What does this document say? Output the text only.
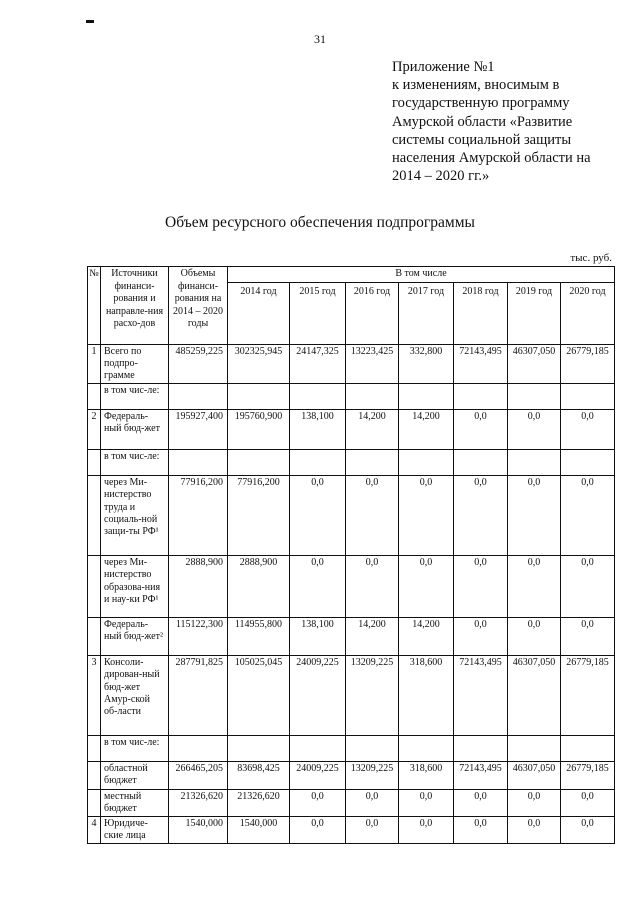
31
Приложение №1
к изменениям, вносимым в
государственную программу
Амурской области «Развитие
системы социальной защиты
населения Амурской области на
2014 – 2020 гг.»
Объем ресурсного обеспечения подпрограммы
тыс. руб.
№	Источники финанси-рования и направле-ния расхо-дов	Объемы финанси-рования на 2014 – 2020 годы	В том числе						
			2014 год	2015 год	2016 год	2017 год	2018 год	2019 год	2020 год
1	Всего по подпро-грамме	485259,225	302325,945	24147,325	13223,425	332,800	72143,495	46307,050	26779,185
	в том чис-ле:								
2	Федераль-ный бюд-жет	195927,400	195760,900	138,100	14,200	14,200	0,0	0,0	0,0
	в том чис-ле:								
	через Ми-нистерство труда и социаль-ной защи-ты РФ¹	77916,200	77916,200	0,0	0,0	0,0	0,0	0,0	0,0
	через Ми-нистерство образова-ния и нау-ки РФ¹	2888,900	2888,900	0,0	0,0	0,0	0,0	0,0	0,0
	Федераль-ный бюд-жет²	115122,300	114955,800	138,100	14,200	14,200	0,0	0,0	0,0
3	Консоли-дирован-ный бюд-жет Амур-ской об-ласти	287791,825	105025,045	24009,225	13209,225	318,600	72143,495	46307,050	26779,185
	в том чис-ле:								
	областной бюджет	266465,205	83698,425	24009,225	13209,225	318,600	72143,495	46307,050	26779,185
	местный бюджет	21326,620	21326,620	0,0	0,0	0,0	0,0	0,0	0,0
4	Юридиче-ские лица	1540,000	1540,000	0,0	0,0	0,0	0,0	0,0	0,0
